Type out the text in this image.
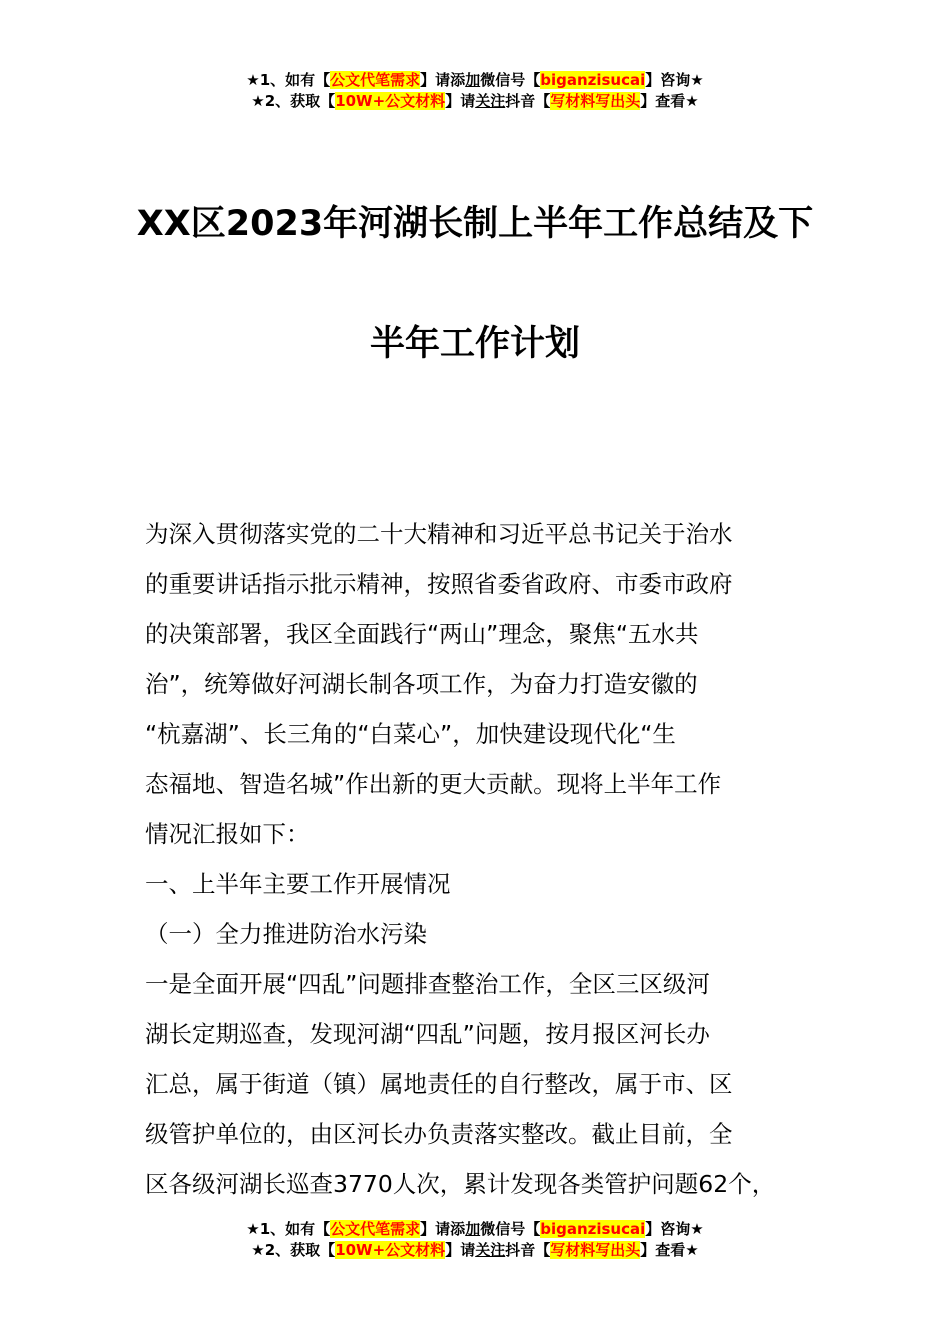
★1、如有【公文代笔需求】请添加微信号【biganzisucai】咨询★
★2、获取【10W+公文材料】请关注抖音【写材料写出头】查看★
XX区2023年河湖长制上半年工作总结及下
半年工作计划
为深入贯彻落实党的二十大精神和习近平总书记关于治水
的重要讲话指示批示精神，按照省委省政府、市委市政府
的决策部署，我区全面践行“两山”理念，聚焦“五水共
治”，统筹做好河湖长制各项工作，为奋力打造安徽的
“杭嘉湖”、长三角的“白菜心”，加快建设现代化“生
态福地、智造名城”作出新的更大贡献。现将上半年工作
情况汇报如下：
一、上半年主要工作开展情况
（一）全力推进防治水污染
一是全面开展“四乱”问题排查整治工作，全区三区级河
湖长定期巡查，发现河湖“四乱”问题，按月报区河长办
汇总，属于街道（镇）属地责任的自行整改，属于市、区
级管护单位的，由区河长办负责落实整改。截止目前，全
区各级河湖长巡查3770人次，累计发现各类管护问题62个，
★1、如有【公文代笔需求】请添加微信号【biganzisucai】咨询★
★2、获取【10W+公文材料】请关注抖音【写材料写出头】查看★
